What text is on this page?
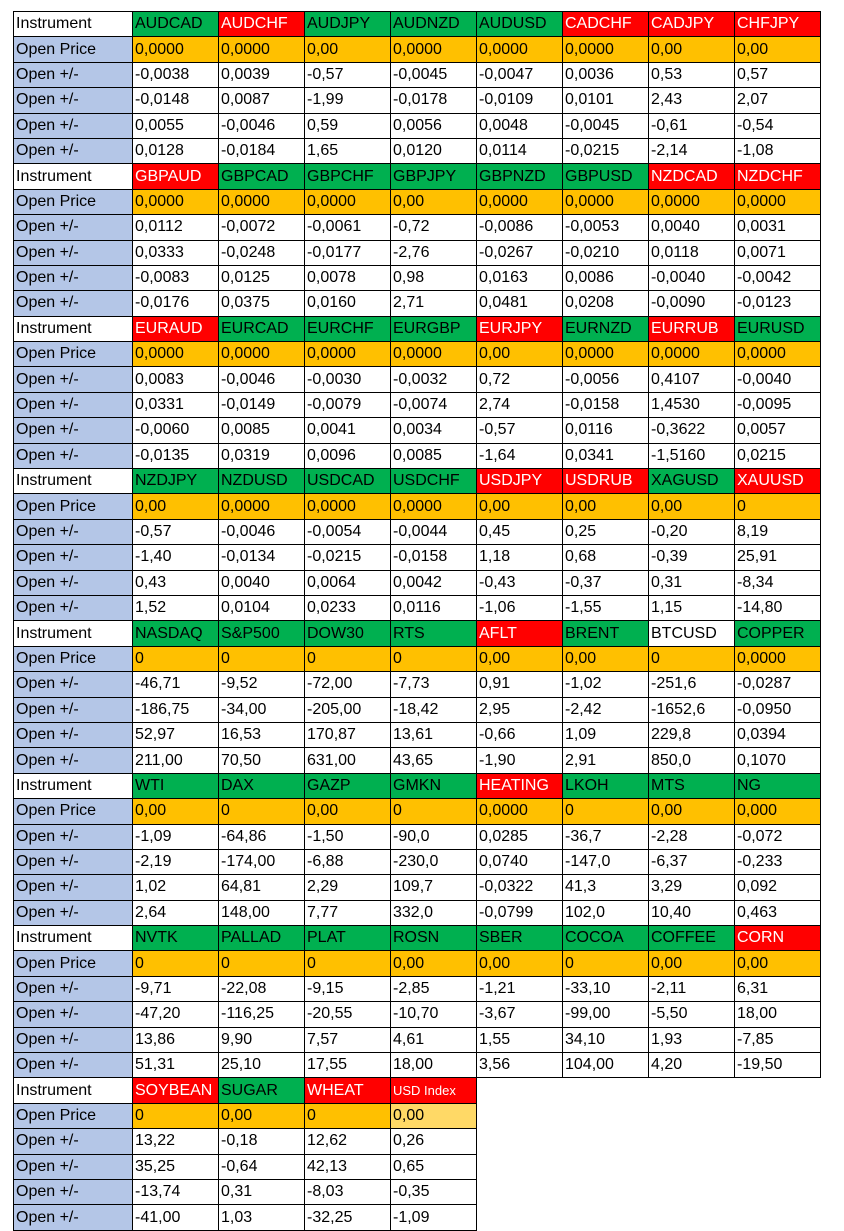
Instrument	AUDCAD	AUDCHF	AUDJPY	AUDNZD	AUDUSD	CADCHF	CADJPY	CHFJPY
Open Price	0,0000	0,0000	0,00	0,0000	0,0000	0,0000	0,00	0,00
Open +/-	-0,0038	0,0039	-0,57	-0,0045	-0,0047	0,0036	0,53	0,57
Open +/-	-0,0148	0,0087	-1,99	-0,0178	-0,0109	0,0101	2,43	2,07
Open +/-	0,0055	-0,0046	0,59	0,0056	0,0048	-0,0045	-0,61	-0,54
Open +/-	0,0128	-0,0184	1,65	0,0120	0,0114	-0,0215	-2,14	-1,08
Instrument	GBPAUD	GBPCAD	GBPCHF	GBPJPY	GBPNZD	GBPUSD	NZDCAD	NZDCHF
Open Price	0,0000	0,0000	0,0000	0,00	0,0000	0,0000	0,0000	0,0000
Open +/-	0,0112	-0,0072	-0,0061	-0,72	-0,0086	-0,0053	0,0040	0,0031
Open +/-	0,0333	-0,0248	-0,0177	-2,76	-0,0267	-0,0210	0,0118	0,0071
Open +/-	-0,0083	0,0125	0,0078	0,98	0,0163	0,0086	-0,0040	-0,0042
Open +/-	-0,0176	0,0375	0,0160	2,71	0,0481	0,0208	-0,0090	-0,0123
Instrument	EURAUD	EURCAD	EURCHF	EURGBP	EURJPY	EURNZD	EURRUB	EURUSD
Open Price	0,0000	0,0000	0,0000	0,0000	0,00	0,0000	0,0000	0,0000
Open +/-	0,0083	-0,0046	-0,0030	-0,0032	0,72	-0,0056	0,4107	-0,0040
Open +/-	0,0331	-0,0149	-0,0079	-0,0074	2,74	-0,0158	1,4530	-0,0095
Open +/-	-0,0060	0,0085	0,0041	0,0034	-0,57	0,0116	-0,3622	0,0057
Open +/-	-0,0135	0,0319	0,0096	0,0085	-1,64	0,0341	-1,5160	0,0215
Instrument	NZDJPY	NZDUSD	USDCAD	USDCHF	USDJPY	USDRUB	XAGUSD	XAUUSD
Open Price	0,00	0,0000	0,0000	0,0000	0,00	0,00	0,00	0
Open +/-	-0,57	-0,0046	-0,0054	-0,0044	0,45	0,25	-0,20	8,19
Open +/-	-1,40	-0,0134	-0,0215	-0,0158	1,18	0,68	-0,39	25,91
Open +/-	0,43	0,0040	0,0064	0,0042	-0,43	-0,37	0,31	-8,34
Open +/-	1,52	0,0104	0,0233	0,0116	-1,06	-1,55	1,15	-14,80
Instrument	NASDAQ	S&P500	DOW30	RTS	AFLT	BRENT	BTCUSD	COPPER
Open Price	0	0	0	0	0,00	0,00	0	0,0000
Open +/-	-46,71	-9,52	-72,00	-7,73	0,91	-1,02	-251,6	-0,0287
Open +/-	-186,75	-34,00	-205,00	-18,42	2,95	-2,42	-1652,6	-0,0950
Open +/-	52,97	16,53	170,87	13,61	-0,66	1,09	229,8	0,0394
Open +/-	211,00	70,50	631,00	43,65	-1,90	2,91	850,0	0,1070
Instrument	WTI	DAX	GAZP	GMKN	HEATING	LKOH	MTS	NG
Open Price	0,00	0	0,00	0	0,0000	0	0,00	0,000
Open +/-	-1,09	-64,86	-1,50	-90,0	0,0285	-36,7	-2,28	-0,072
Open +/-	-2,19	-174,00	-6,88	-230,0	0,0740	-147,0	-6,37	-0,233
Open +/-	1,02	64,81	2,29	109,7	-0,0322	41,3	3,29	0,092
Open +/-	2,64	148,00	7,77	332,0	-0,0799	102,0	10,40	0,463
Instrument	NVTK	PALLAD	PLAT	ROSN	SBER	COCOA	COFFEE	CORN
Open Price	0	0	0	0,00	0,00	0	0,00	0,00
Open +/-	-9,71	-22,08	-9,15	-2,85	-1,21	-33,10	-2,11	6,31
Open +/-	-47,20	-116,25	-20,55	-10,70	-3,67	-99,00	-5,50	18,00
Open +/-	13,86	9,90	7,57	4,61	1,55	34,10	1,93	-7,85
Open +/-	51,31	25,10	17,55	18,00	3,56	104,00	4,20	-19,50
Instrument	SOYBEAN	SUGAR	WHEAT	USD Index				
Open Price	0	0,00	0	0,00				
Open +/-	13,22	-0,18	12,62	0,26				
Open +/-	35,25	-0,64	42,13	0,65				
Open +/-	-13,74	0,31	-8,03	-0,35				
Open +/-	-41,00	1,03	-32,25	-1,09				
